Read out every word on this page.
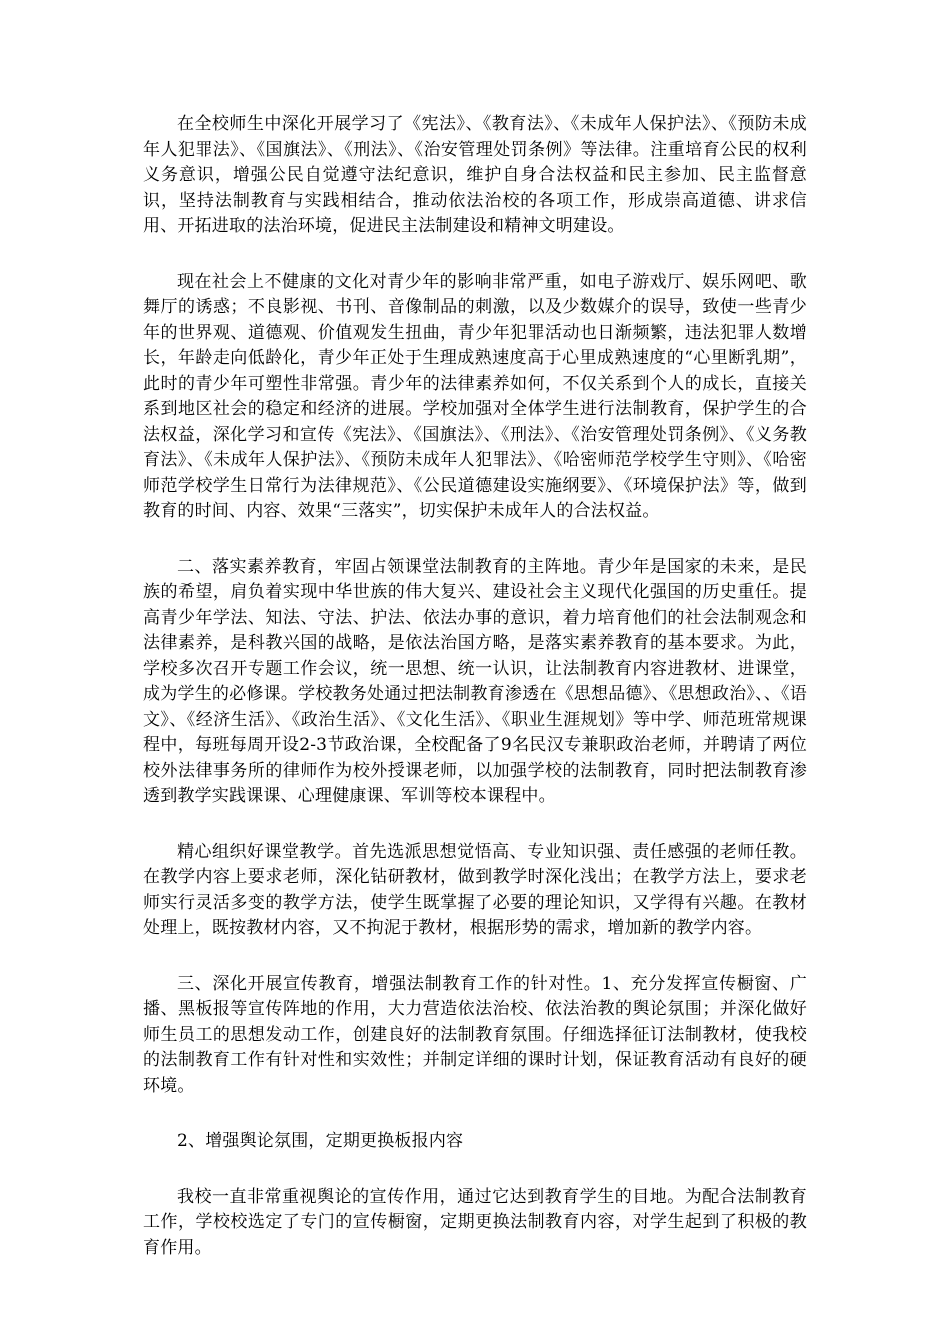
在全校师生中深化开展学习了《宪法》、《教育法》、《未成年人保护法》、《预防未成年人犯罪法》、《国旗法》、《刑法》、《治安管理处罚条例》等法律。注重培育公民的权利义务意识，增强公民自觉遵守法纪意识，维护自身合法权益和民主参加、民主监督意识，坚持法制教育与实践相结合，推动依法治校的各项工作，形成崇高道德、讲求信用、开拓进取的法治环境，促进民主法制建设和精神文明建设。

现在社会上不健康的文化对青少年的影响非常严重，如电子游戏厅、娱乐网吧、歌舞厅的诱惑；不良影视、书刊、音像制品的刺激，以及少数媒介的误导，致使一些青少年的世界观、道德观、价值观发生扭曲，青少年犯罪活动也日渐频繁，违法犯罪人数增长，年龄走向低龄化，青少年正处于生理成熟速度高于心里成熟速度的“心里断乳期”，此时的青少年可塑性非常强。青少年的法律素养如何，不仅关系到个人的成长，直接关系到地区社会的稳定和经济的进展。学校加强对全体学生进行法制教育，保护学生的合法权益，深化学习和宣传《宪法》、《国旗法》、《刑法》、《治安管理处罚条例》、《义务教育法》、《未成年人保护法》、《预防未成年人犯罪法》、《哈密师范学校学生守则》、《哈密师范学校学生日常行为法律规范》、《公民道德建设实施纲要》、《环境保护法》等，做到教育的时间、内容、效果“三落实”，切实保护未成年人的合法权益。

二、落实素养教育，牢固占领课堂法制教育的主阵地。青少年是国家的未来，是民族的希望，肩负着实现中华世族的伟大复兴、建设社会主义现代化强国的历史重任。提高青少年学法、知法、守法、护法、依法办事的意识，着力培育他们的社会法制观念和法律素养，是科教兴国的战略，是依法治国方略，是落实素养教育的基本要求。为此，学校多次召开专题工作会议，统一思想、统一认识，让法制教育内容进教材、进课堂，成为学生的必修课。学校教务处通过把法制教育渗透在《思想品德》、《思想政治》、、《语文》、《经济生活》、《政治生活》、《文化生活》、《职业生涯规划》等中学、师范班常规课程中，每班每周开设2-3节政治课，全校配备了9名民汉专兼职政治老师，并聘请了两位校外法律事务所的律师作为校外授课老师，以加强学校的法制教育，同时把法制教育渗透到教学实践课课、心理健康课、军训等校本课程中。

精心组织好课堂教学。首先选派思想觉悟高、专业知识强、责任感强的老师任教。在教学内容上要求老师，深化钻研教材，做到教学时深化浅出；在教学方法上，要求老师实行灵活多变的教学方法，使学生既掌握了必要的理论知识，又学得有兴趣。在教材处理上，既按教材内容，又不拘泥于教材，根据形势的需求，增加新的教学内容。

三、深化开展宣传教育，增强法制教育工作的针对性。1、充分发挥宣传橱窗、广播、黑板报等宣传阵地的作用，大力营造依法治校、依法治教的舆论氛围；并深化做好师生员工的思想发动工作，创建良好的法制教育氛围。仔细选择征订法制教材，使我校的法制教育工作有针对性和实效性；并制定详细的课时计划，保证教育活动有良好的硬环境。

2、增强舆论氛围，定期更换板报内容

我校一直非常重视舆论的宣传作用，通过它达到教育学生的目地。为配合法制教育工作，学校校选定了专门的宣传橱窗，定期更换法制教育内容，对学生起到了积极的教育作用。
